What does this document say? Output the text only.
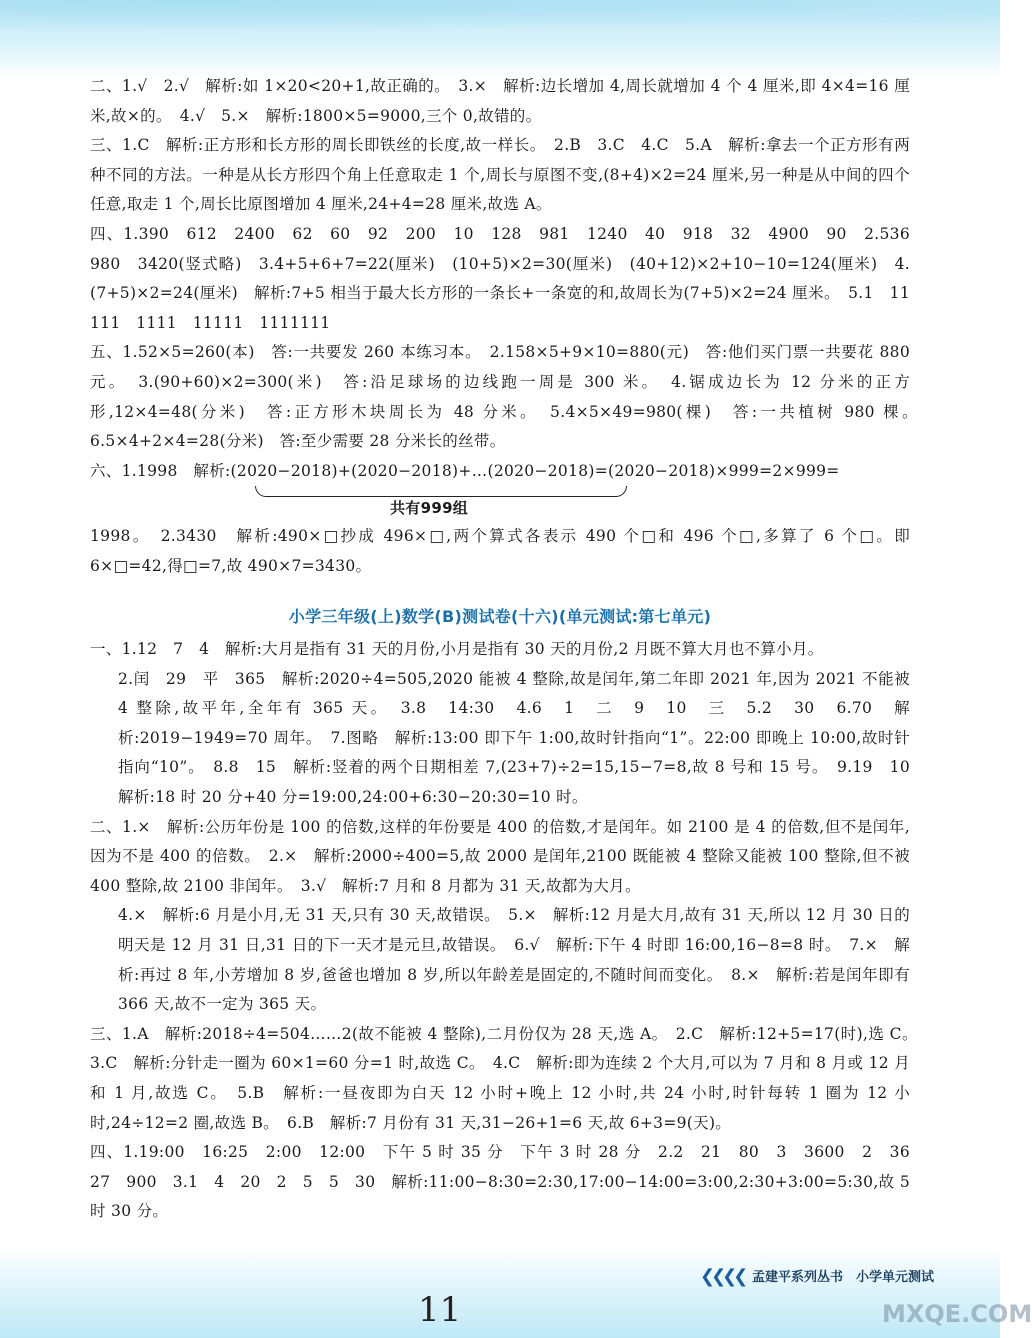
二、1.√　2.√　解析:如 1×20<20+1,故正确的。　3.×　解析:边长增加 4,周长就增加 4 个 4 厘米,即 4×4=16 厘米,故×的。　4.√　5.×　解析:1800×5=9000,三个 0,故错的。

三、1.C　解析:正方形和长方形的周长即铁丝的长度,故一样长。　2.B　3.C　4.C　5.A　解析:拿去一个正方形有两种不同的方法。一种是从长方形四个角上任意取走 1 个,周长与原图不变,(8+4)×2=24 厘米,另一种是从中间的四个任意,取走 1 个,周长比原图增加 4 厘米,24+4=28 厘米,故选 A。

四、1.390　612　2400　62　60　92　200　10　128　981　1240　40　918　32　4900　90　2.536　980　3420(竖式略)　3.4+5+6+7=22(厘米)　(10+5)×2=30(厘米)　(40+12)×2+10−10=124(厘米)　4.(7+5)×2=24(厘米)　解析:7+5 相当于最大长方形的一条长+一条宽的和,故周长为(7+5)×2=24 厘米。　5.1　11　111　1111　11111　1111111

五、1.52×5=260(本)　答:一共要发 260 本练习本。　2.158×5+9×10=880(元)　答:他们买门票一共要花 880 元。　3.(90+60)×2=300(米)　答:沿足球场的边线跑一周是 300 米。　4.锯成边长为 12 分米的正方形,12×4=48(分米)　答:正方形木块周长为 48 分米。　5.4×5×49=980(棵)　答:一共植树 980 棵。　6.5×4+2×4=28(分米)　答:至少需要 28 分米长的丝带。

六、1.1998　解析:(2020−2018)+(2020−2018)+…(2020−2018)=(2020−2018)×999=2×999=

共有999组

1998。　2.3430　解析:490×□抄成 496×□,两个算式各表示 490 个□和 496 个□,多算了 6 个□。即 6×□=42,得□=7,故 490×7=3430。

小学三年级(上)数学(B)测试卷(十六)(单元测试:第七单元)

一、1.12　7　4　解析:大月是指有 31 天的月份,小月是指有 30 天的月份,2 月既不算大月也不算小月。

2.闰　29　平　365　解析:2020÷4=505,2020 能被 4 整除,故是闰年,第二年即 2021 年,因为 2021 不能被 4 整除,故平年,全年有 365 天。　3.8　14:30　4.6　1　二　9　10　三　5.2　30　6.70　解析:2019−1949=70 周年。　7.图略　解析:13:00 即下午 1:00,故时针指向“1”。22:00 即晚上 10:00,故时针指向“10”。　8.8　15　解析:竖着的两个日期相差 7,(23+7)÷2=15,15−7=8,故 8 号和 15 号。　9.19　10　解析:18 时 20 分+40 分=19:00,24:00+6:30−20:30=10 时。

二、1.×　解析:公历年份是 100 的倍数,这样的年份要是 400 的倍数,才是闰年。如 2100 是 4 的倍数,但不是闰年,因为不是 400 的倍数。　2.×　解析:2000÷400=5,故 2000 是闰年,2100 既能被 4 整除又能被 100 整除,但不被 400 整除,故 2100 非闰年。　3.√　解析:7 月和 8 月都为 31 天,故都为大月。

4.×　解析:6 月是小月,无 31 天,只有 30 天,故错误。　5.×　解析:12 月是大月,故有 31 天,所以 12 月 30 日的明天是 12 月 31 日,31 日的下一天才是元旦,故错误。　6.√　解析:下午 4 时即 16:00,16−8=8 时。　7.×　解析:再过 8 年,小芳增加 8 岁,爸爸也增加 8 岁,所以年龄差是固定的,不随时间而变化。　8.×　解析:若是闰年即有 366 天,故不一定为 365 天。

三、1.A　解析:2018÷4=504……2(故不能被 4 整除),二月份仅为 28 天,选 A。　2.C　解析:12+5=17(时),选 C。　3.C　解析:分针走一圈为 60×1=60 分=1 时,故选 C。　4.C　解析:即为连续 2 个大月,可以为 7 月和 8 月或 12 月和 1 月,故选 C。　5.B　解析:一昼夜即为白天 12 小时+晚上 12 小时,共 24 小时,时针每转 1 圈为 12 小时,24÷12=2 圈,故选 B。　6.B　解析:7 月份有 31 天,31−26+1=6 天,故 6+3=9(天)。

四、1.19:00　16:25　2:00　12:00　下午 5 时 35 分　下午 3 时 28 分　2.2　21　80　3　3600　2　36　27　900　3.1　4　20　2　5　5　30　解析:11:00−8:30=2:30,17:00−14:00=3:00,2:30+3:00=5:30,故 5 时 30 分。

❮❮❮❮ 孟建平系列丛书　小学单元测试
11	MXQE.COM
